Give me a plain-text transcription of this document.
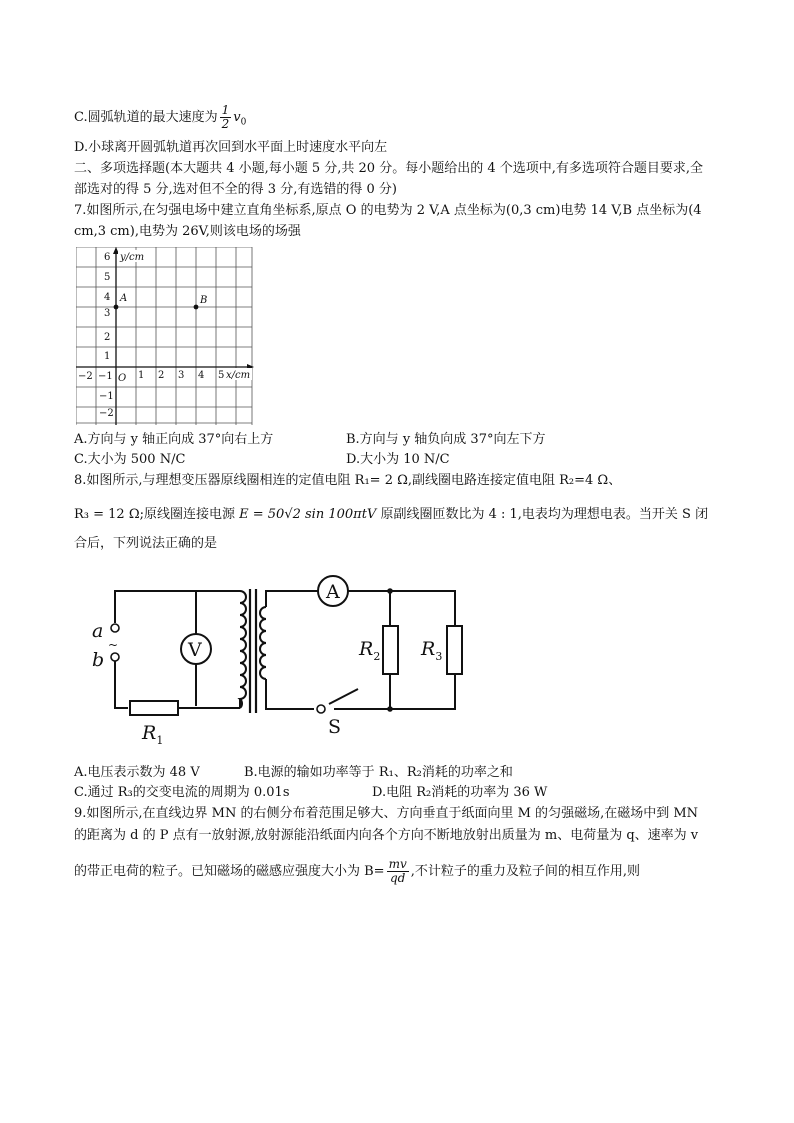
C.圆弧轨道的最大速度为 $\frac{1}{2} v_0$
D.小球离开圆弧轨道再次回到水平面上时速度水平向左
二、多项选择题(本大题共 4 小题,每小题 5 分,共 20 分。每小题给出的 4 个选项中,有多选项符合题目要求,全
部选对的得 5 分,选对但不全的得 3 分,有选错的得 0 分)
7.如图所示,在匀强电场中建立直角坐标系,原点 O 的电势为 2 V,A 点坐标为(0,3 cm)电势 14 V,B 点坐标为(4
cm,3 cm),电势为 26V,则该电场的场强
y/cm
x/cm
O
6
5
4
3
2
1
−1
−2
−2 −1	1 2 3 4 5
A	B
A.方向与 y 轴正向成 37°向右上方	B.方向与 y 轴负向成 37°向左下方
C.大小为 500 N/C	D.大小为 10 N/C
8.如图所示,与理想变压器原线圈相连的定值电阻 R₁= 2 Ω,副线圈电路连接定值电阻 R₂=4 Ω、
R₃ = 12 Ω;原线圈连接电源 E = 50√2 sin 100πtV 原副线圈匝数比为 4 : 1,电表均为理想电表。当开关 S 闭
合后，下列说法正确的是
a
~
b	V
$R_1$
A
$R_2$ $R_3$
S
A.电压表示数为 48 V	B.电源的输如功率等于 R₁、R₂消耗的功率之和
C.通过 R₃的交变电流的周期为 0.01s	D.电阻 R₂消耗的功率为 36 W
9.如图所示,在直线边界 MN 的右侧分布着范围足够大、方向垂直于纸面向里 M 的匀强磁场,在磁场中到 MN
的距离为 d 的 P 点有一放射源,放射源能沿纸面内向各个方向不断地放射出质量为 m、电荷量为 q、速率为 v
的带正电荷的粒子。已知磁场的磁感应强度大小为 $B= \frac{mv}{qd}$ ,不计粒子的重力及粒子间的相互作用,则
